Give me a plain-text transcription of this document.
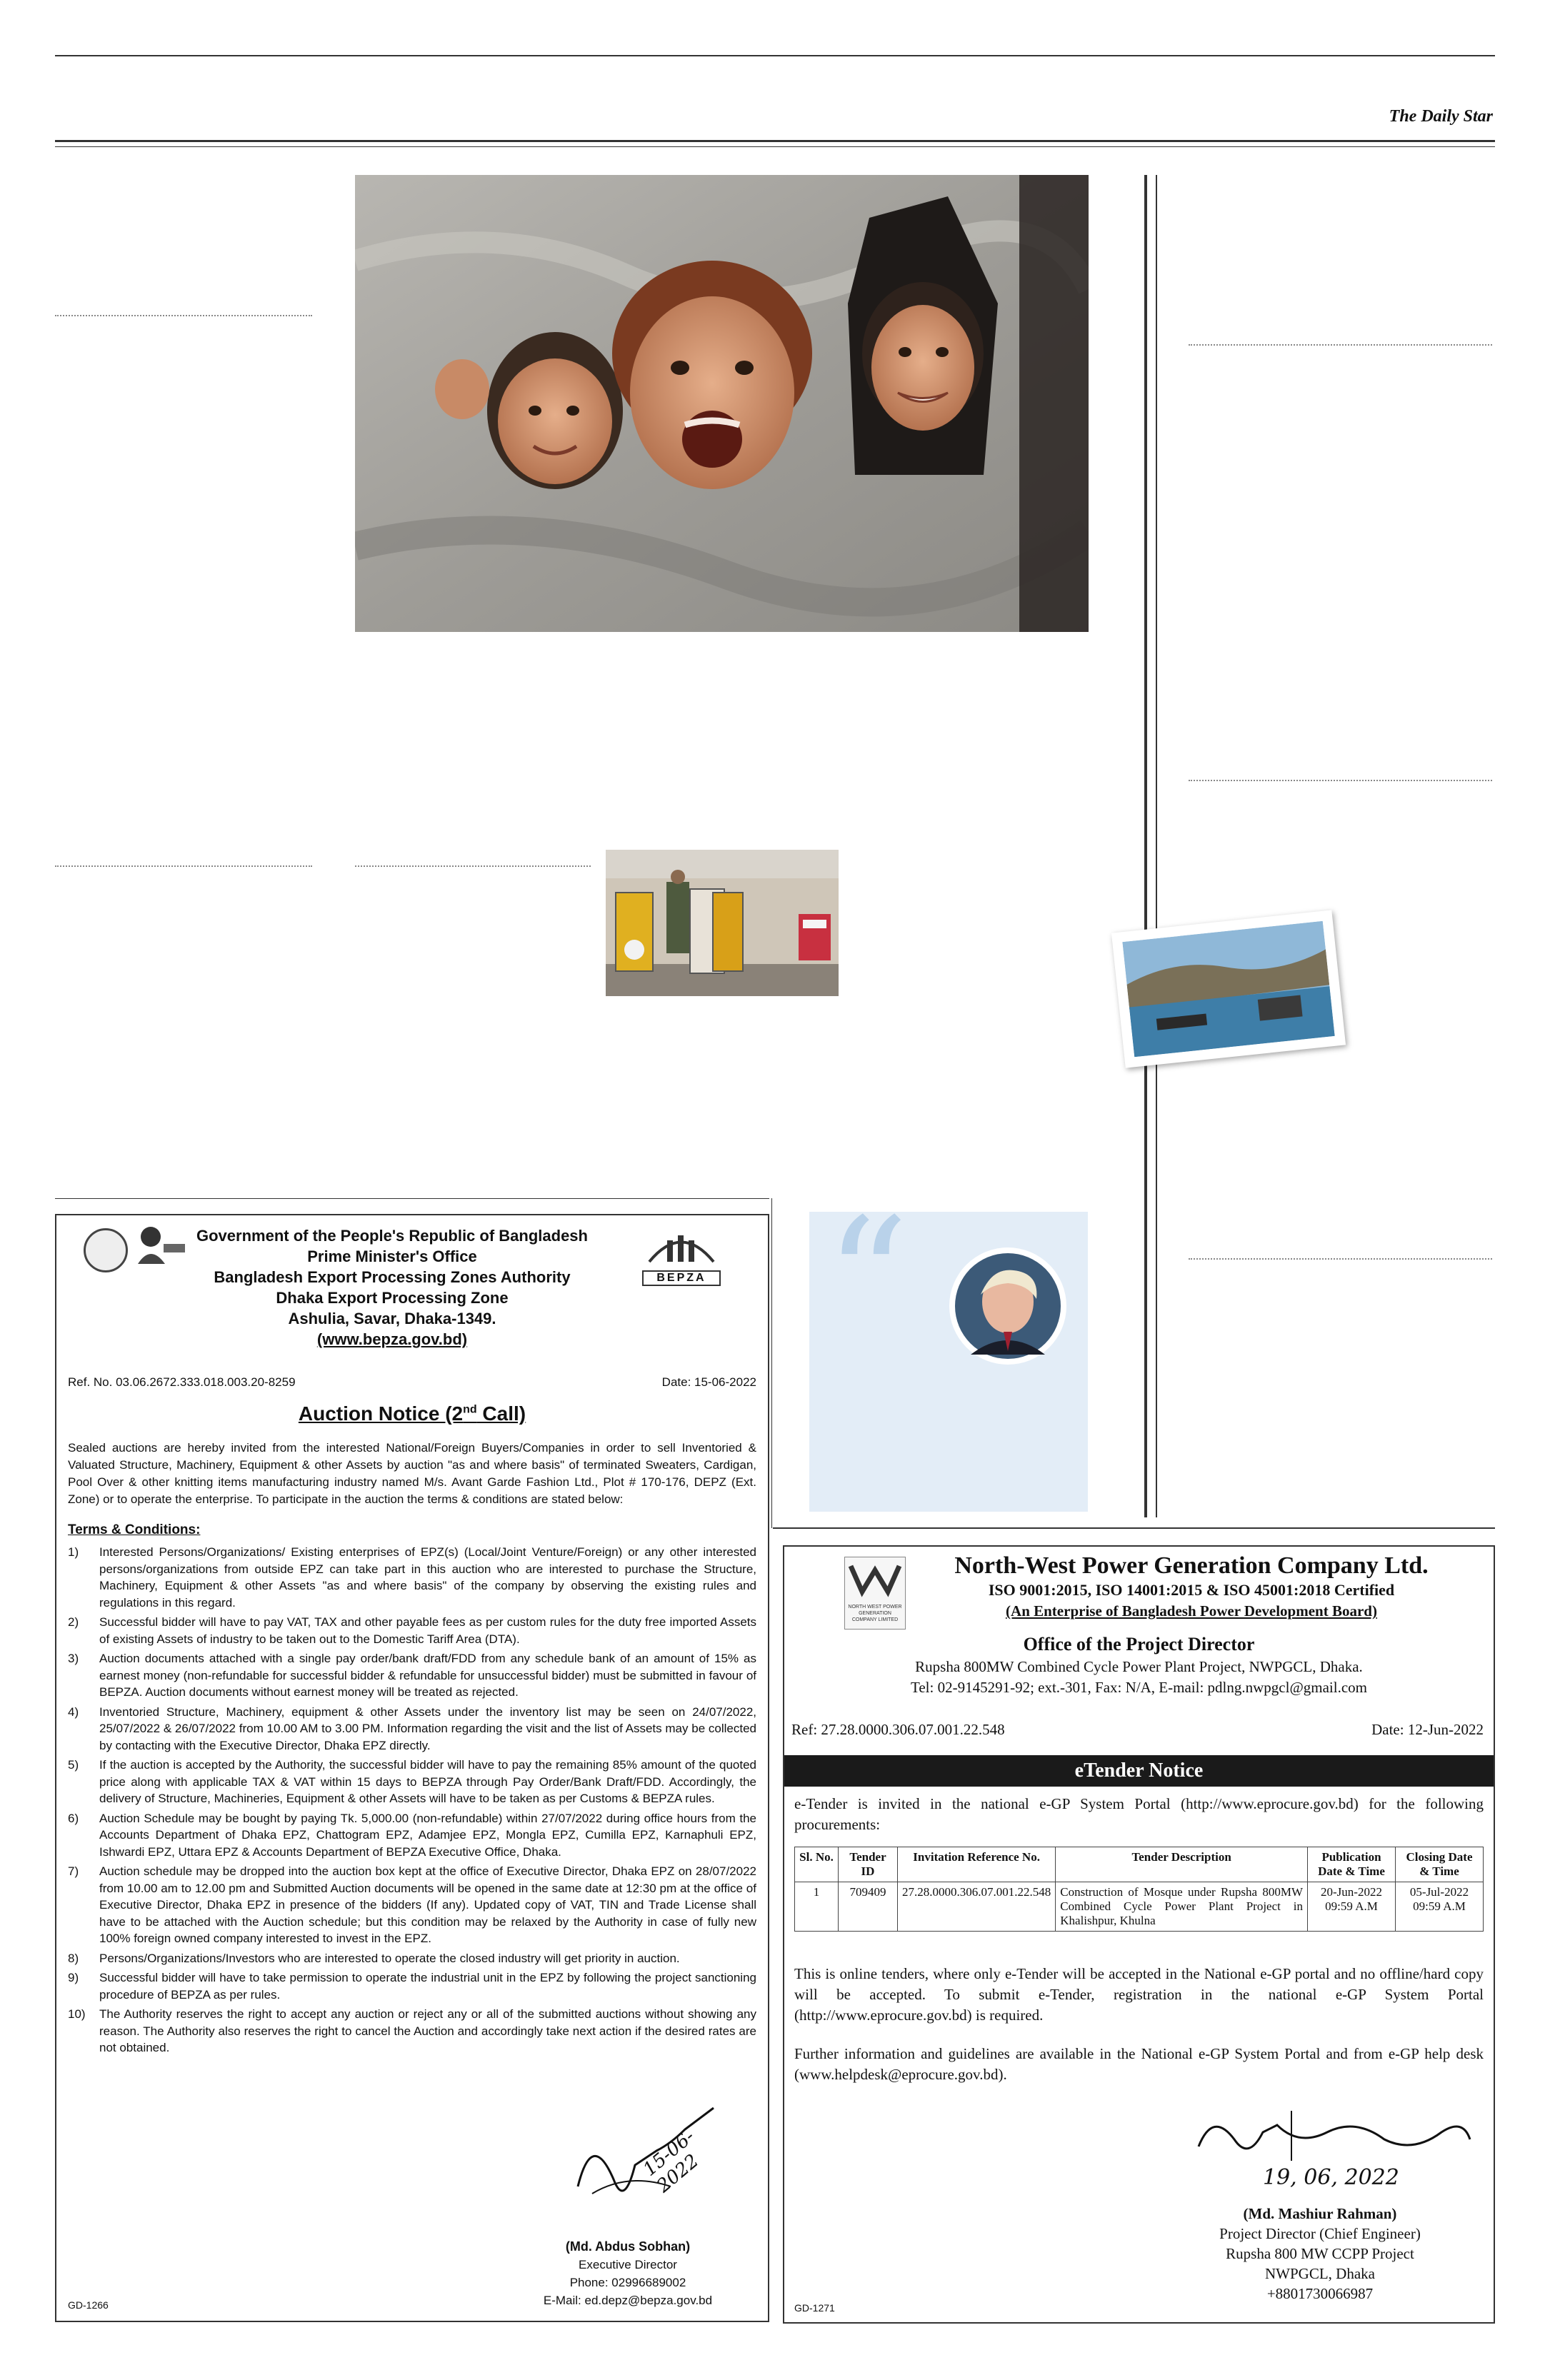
The Daily Star
“
BEPZA
Government of the People's Republic of Bangladesh
Prime Minister's Office
Bangladesh Export Processing Zones Authority
Dhaka Export Processing Zone
Ashulia, Savar, Dhaka-1349.
(www.bepza.gov.bd)
Ref. No. 03.06.2672.333.018.003.20-8259	Date: 15-06-2022
Auction Notice (2nd Call)
Sealed auctions are hereby invited from the interested National/Foreign Buyers/Companies in order to sell Inventoried & Valuated Structure, Machinery, Equipment & other Assets by auction "as and where basis" of terminated Sweaters, Cardigan, Pool Over & other knitting items manufacturing industry named M/s. Avant Garde Fashion Ltd., Plot # 170-176, DEPZ (Ext. Zone) or to operate the enterprise. To participate in the auction the terms & conditions are stated below:
Terms & Conditions:
1) Interested Persons/Organizations/ Existing enterprises of EPZ(s) (Local/Joint Venture/Foreign) or any other interested persons/organizations from outside EPZ can take part in this auction who are interested to purchase the Structure, Machinery, Equipment & other Assets "as and where basis" of the company by observing the existing rules and regulations in this regard.
2) Successful bidder will have to pay VAT, TAX and other payable fees as per custom rules for the duty free imported Assets of existing Assets of industry to be taken out to the Domestic Tariff Area (DTA).
3) Auction documents attached with a single pay order/bank draft/FDD from any schedule bank of an amount of 15% as earnest money (non-refundable for successful bidder & refundable for unsuccessful bidder) must be submitted in favour of BEPZA. Auction documents without earnest money will be treated as rejected.
4) Inventoried Structure, Machinery, equipment & other Assets under the inventory list may be seen on 24/07/2022, 25/07/2022 & 26/07/2022 from 10.00 AM to 3.00 PM. Information regarding the visit and the list of Assets may be collected by contacting with the Executive Director, Dhaka EPZ directly.
5) If the auction is accepted by the Authority, the successful bidder will have to pay the remaining 85% amount of the quoted price along with applicable TAX & VAT within 15 days to BEPZA through Pay Order/Bank Draft/FDD. Accordingly, the delivery of Structure, Machineries, Equipment & other Assets will have to be taken as per Customs & BEPZA rules.
6) Auction Schedule may be bought by paying Tk. 5,000.00 (non-refundable) within 27/07/2022 during office hours from the Accounts Department of Dhaka EPZ, Chattogram EPZ, Adamjee EPZ, Mongla EPZ, Cumilla EPZ, Karnaphuli EPZ, Ishwardi EPZ, Uttara EPZ & Accounts Department of BEPZA Executive Office, Dhaka.
7) Auction schedule may be dropped into the auction box kept at the office of Executive Director, Dhaka EPZ on 28/07/2022 from 10.00 am to 12.00 pm and Submitted Auction documents will be opened in the same date at 12:30 pm at the office of Executive Director, Dhaka EPZ in presence of the bidders (If any). Updated copy of VAT, TIN and Trade License shall have to be attached with the Auction schedule; but this condition may be relaxed by the Authority in case of fully new 100% foreign owned company interested to invest in the EPZ.
8) Persons/Organizations/Investors who are interested to operate the closed industry will get priority in auction.
9) Successful bidder will have to take permission to operate the industrial unit in the EPZ by following the project sanctioning procedure of BEPZA as per rules.
10) The Authority reserves the right to accept any auction or reject any or all of the submitted auctions without showing any reason. The Authority also reserves the right to cancel the Auction and accordingly take next action if the desired rates are not obtained.
15-06-2022
(Md. Abdus Sobhan)
Executive Director
Phone: 02996689002
E-Mail: ed.depz@bepza.gov.bd
GD-1266
NORTH WEST POWER GENERATION COMPANY LIMITED
North-West Power Generation Company Ltd.
ISO 9001:2015, ISO 14001:2015 & ISO 45001:2018 Certified
(An Enterprise of Bangladesh Power Development Board)
Office of the Project Director
Rupsha 800MW Combined Cycle Power Plant Project, NWPGCL, Dhaka.
Tel: 02-9145291-92; ext.-301, Fax: N/A, E-mail: pdlng.nwpgcl@gmail.com
Ref: 27.28.0000.306.07.001.22.548	Date: 12-Jun-2022
eTender Notice
e-Tender is invited in the national e-GP System Portal (http://www.eprocure.gov.bd) for the following procurements:
Sl. No.	Tender ID	Invitation Reference No.	Tender Description	Publication Date & Time	Closing Date & Time
1	709409	27.28.0000.306.07.001.22.548	Construction of Mosque under Rupsha 800MW Combined Cycle Power Plant Project in Khalishpur, Khulna	20-Jun-2022 09:59 A.M	05-Jul-2022 09:59 A.M
This is online tenders, where only e-Tender will be accepted in the National e-GP portal and no offline/hard copy will be accepted. To submit e-Tender, registration in the national e-GP System Portal (http://www.eprocure.gov.bd) is required.
Further information and guidelines are available in the National e-GP System Portal and from e-GP help desk (www.helpdesk@eprocure.gov.bd).
19, 06, 2022
(Md. Mashiur Rahman)
Project Director (Chief Engineer)
Rupsha 800 MW CCPP Project
NWPGCL, Dhaka
+8801730066987
GD-1271
